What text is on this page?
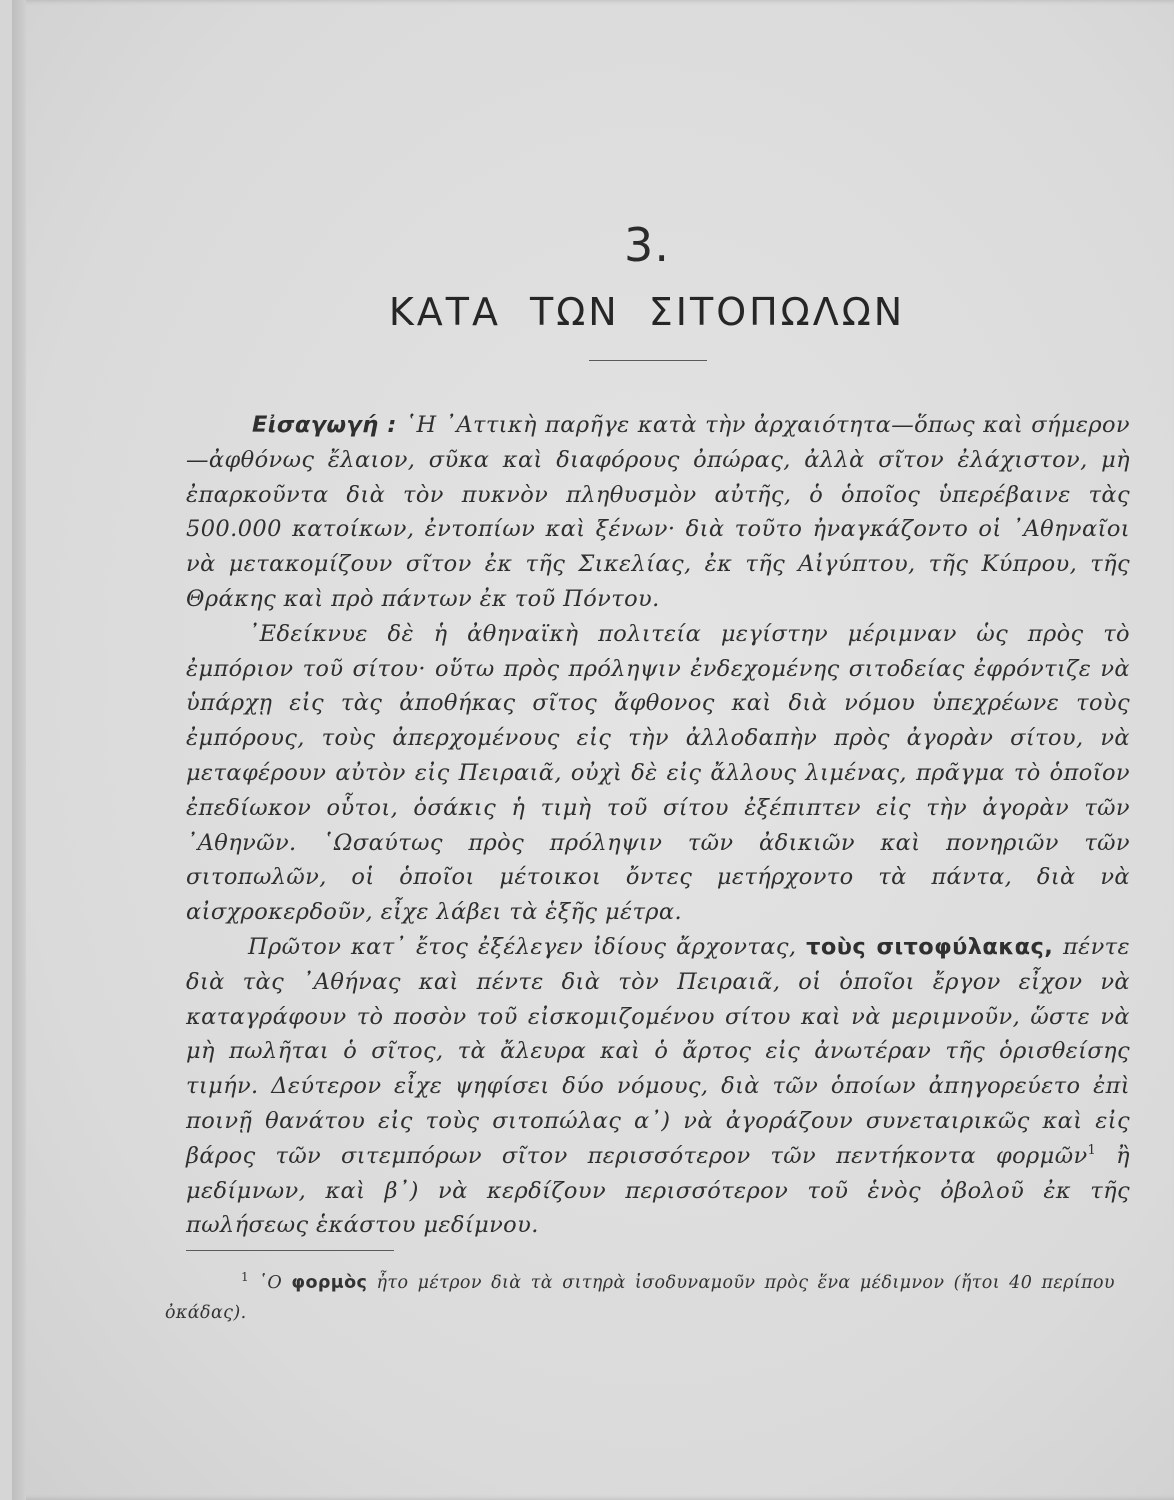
3.
ΚΑΤΑ ΤΩΝ ΣΙΤΟΠΩΛΩΝ

Εἰσαγωγή : ῾Η ᾿Αττικὴ παρῆγε κατὰ τὴν ἀρχαιότητα—ὅπως καὶ σήμερον—ἀφθόνως ἔλαιον, σῦκα καὶ διαφόρους ὀπώρας, ἀλλὰ σῖτον ἐλάχιστον, μὴ ἐπαρκοῦντα διὰ τὸν πυκνὸν πληθυσμὸν αὐτῆς, ὁ ὁποῖος ὑπερέβαινε τὰς 500.000 κατοίκων, ἐντοπίων καὶ ξένων· διὰ τοῦτο ἠναγκάζοντο οἱ ᾿Αθηναῖοι νὰ μετακομίζουν σῖτον ἐκ τῆς Σικελίας, ἐκ τῆς Αἰγύπτου, τῆς Κύπρου, τῆς Θράκης καὶ πρὸ πάντων ἐκ τοῦ Πόντου.

᾿Εδείκνυε δὲ ἡ ἀθηναϊκὴ πολιτεία μεγίστην μέριμναν ὡς πρὸς τὸ ἐμπόριον τοῦ σίτου· οὕτω πρὸς πρόληψιν ἐνδεχομένης σιτοδείας ἐφρόντιζε νὰ ὑπάρχῃ εἰς τὰς ἀποθήκας σῖτος ἄφθονος καὶ διὰ νόμου ὑπεχρέωνε τοὺς ἐμπόρους, τοὺς ἀπερχομένους εἰς τὴν ἀλλοδαπὴν πρὸς ἀγορὰν σίτου, νὰ μεταφέρουν αὐτὸν εἰς Πειραιᾶ, οὐχὶ δὲ εἰς ἄλλους λιμένας, πρᾶγμα τὸ ὁποῖον ἐπεδίωκον οὗτοι, ὁσάκις ἡ τιμὴ τοῦ σίτου ἐξέπιπτεν εἰς τὴν ἀγορὰν τῶν ᾿Αθηνῶν. ῾Ωσαύτως πρὸς πρόληψιν τῶν ἀδικιῶν καὶ πονηριῶν τῶν σιτοπωλῶν, οἱ ὁποῖοι μέτοικοι ὄντες μετήρχοντο τὰ πάντα, διὰ νὰ αἰσχροκερδοῦν, εἶχε λάβει τὰ ἑξῆς μέτρα.

Πρῶτον κατ᾿ ἔτος ἐξέλεγεν ἰδίους ἄρχοντας, τοὺς σιτοφύλακας, πέντε διὰ τὰς ᾿Αθήνας καὶ πέντε διὰ τὸν Πειραιᾶ, οἱ ὁποῖοι ἔργον εἶχον νὰ καταγράφουν τὸ ποσὸν τοῦ εἰσκομιζομένου σίτου καὶ νὰ μεριμνοῦν, ὥστε νὰ μὴ πωλῆται ὁ σῖτος, τὰ ἄλευρα καὶ ὁ ἄρτος εἰς ἀνωτέραν τῆς ὁρισθείσης τιμήν. Δεύτερον εἶχε ψηφίσει δύο νόμους, διὰ τῶν ὁποίων ἀπηγορεύετο ἐπὶ ποινῇ θανάτου εἰς τοὺς σιτοπώλας α᾿) νὰ ἀγοράζουν συνεταιρικῶς καὶ εἰς βάρος τῶν σιτεμπόρων σῖτον περισσότερον τῶν πεντήκοντα φορμῶν$^1$ ἢ μεδίμνων, καὶ β᾿) νὰ κερδίζουν περισσότερον τοῦ ἑνὸς ὀβολοῦ ἐκ τῆς πωλήσεως ἑκάστου μεδίμνου.

$^1$ ῾Ο φορμὸς ἦτο μέτρον διὰ τὰ σιτηρὰ ἰσοδυναμοῦν πρὸς ἕνα μέδιμνον (ἤτοι 40 περίπου ὀκάδας).
